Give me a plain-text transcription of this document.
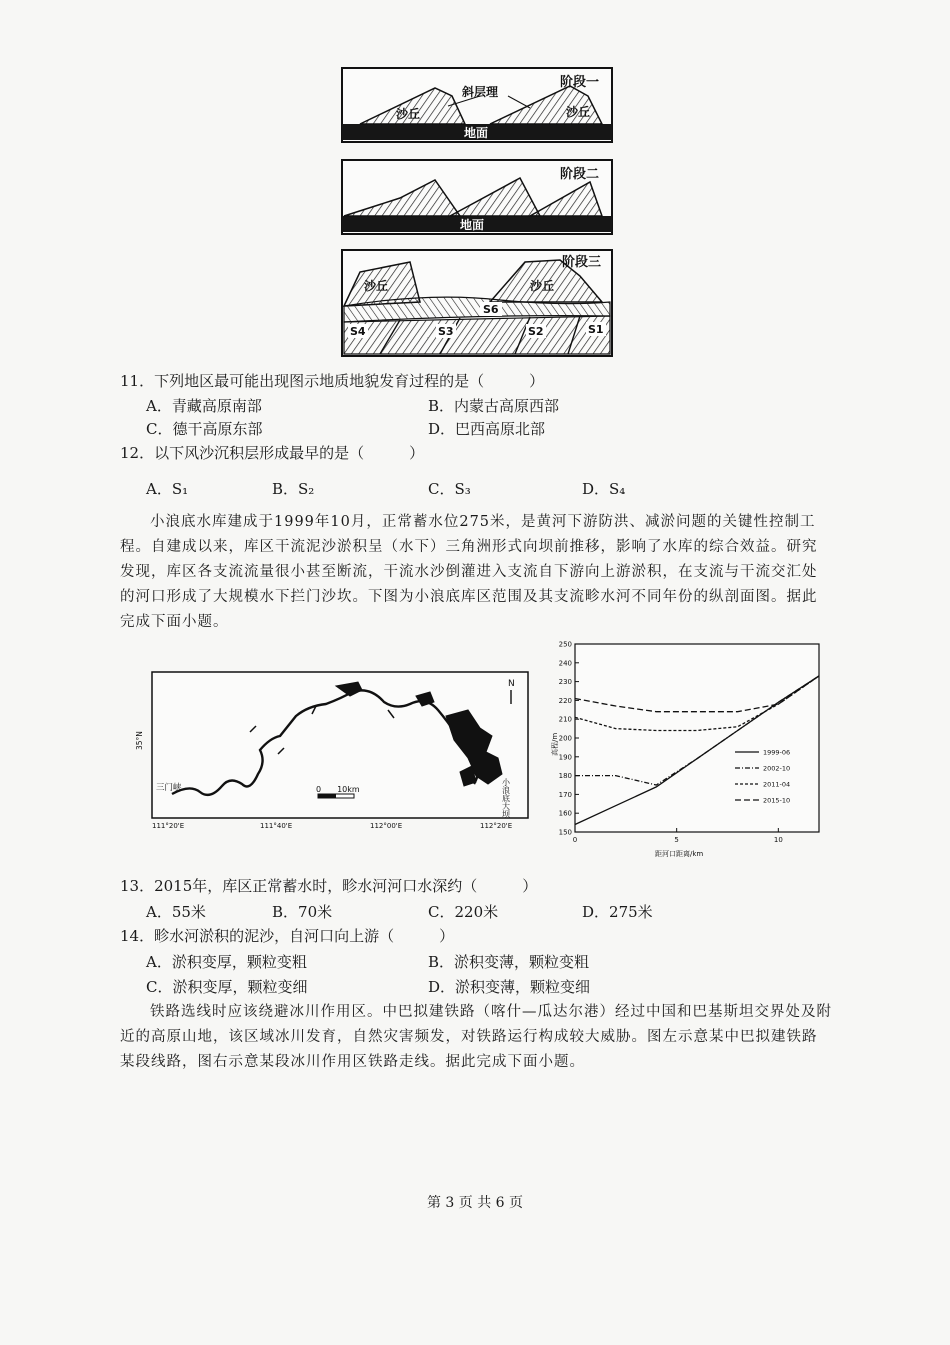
阶段一
斜层理
沙丘	沙丘
地面
阶段二
地面
阶段三
沙丘	沙丘
S6
S4	S3	S2	S1
11．下列地区最可能出现图示地质地貌发育过程的是（　　　）
A．青藏高原南部	B．内蒙古高原西部
C．德干高原东部	D．巴西高原北部
12．以下风沙沉积层形成最早的是（　　　）
A．S₁	B．S₂	C．S₃	D．S₄
小浪底水库建成于1999年10月，正常蓄水位275米，是黄河下游防洪、减淤问题的关键性控制工程。自建成以来，库区干流泥沙淤积呈（水下）三角洲形式向坝前推移，影响了水库的综合效益。研究发现，库区各支流流量很小甚至断流，干流水沙倒灌进入支流自下游向上游淤积，在支流与干流交汇处的河口形成了大规模水下拦门沙坎。下图为小浪底库区范围及其支流畛水河不同年份的纵剖面图。据此完成下面小题。
三门峡	小浪底大坝
N
0　　10km
35°N
111°20'E	111°40'E	112°00'E	112°20'E
150
160
170
180
190
200
210
220
230
240
250
0	5	10
1999-06
2002-10
2011-04
2015-10
高程/m
距河口距离/km
13．2015年，库区正常蓄水时，畛水河河口水深约（　　　）
A．55米	B．70米	C．220米	D．275米
14．畛水河淤积的泥沙，自河口向上游（　　　）
A．淤积变厚，颗粒变粗	B．淤积变薄，颗粒变粗
C．淤积变厚，颗粒变细	D．淤积变薄，颗粒变细
铁路选线时应该绕避冰川作用区。中巴拟建铁路（喀什—瓜达尔港）经过中国和巴基斯坦交界处及附近的高原山地，该区域冰川发育，自然灾害频发，对铁路运行构成较大威胁。图左示意某中巴拟建铁路某段线路，图右示意某段冰川作用区铁路走线。据此完成下面小题。
第 3 页 共 6 页
